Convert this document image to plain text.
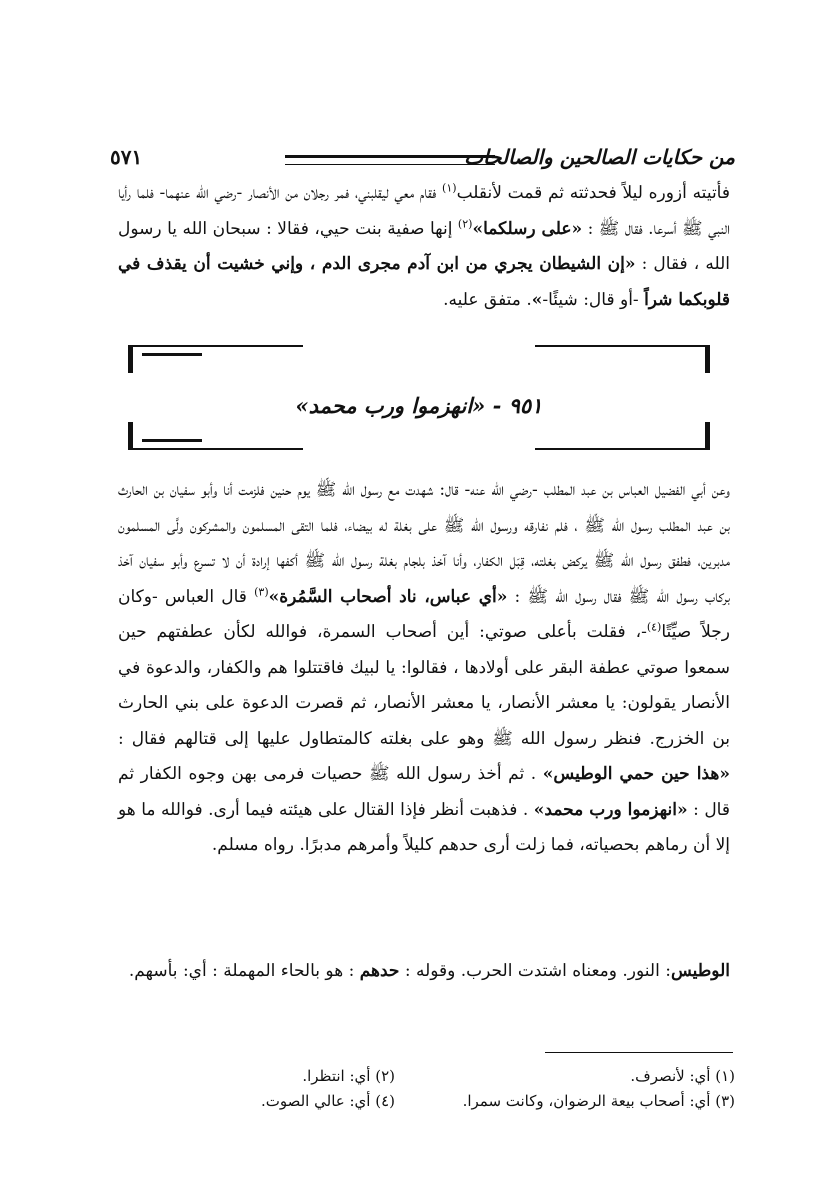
من حكايات الصالحين والصالحات
٥٧١
فأتيته أزوره ليلاً فحدثته ثم قمت لأنقلب$^{(١)}$ فقام معي ليقلبني، فمر رجلان من الأنصار -رضي الله عنهما- فلما رأيا النبي ﷺ أسرعا. فقال ﷺ : «على رسلكما»$^{(٢)}$ إنها صفية بنت حيي، فقالا : سبحان الله يا رسول الله ، فقال : «إن الشيطان يجري من ابن آدم مجرى الدم ، وإني خشيت أن يقذف في قلوبكما شراً -أو قال: شيئًا-». متفق عليه.
٩٥١ - «انهزموا ورب محمد»
وعن أبي الفضيل العباس بن عبد المطلب -رضي الله عنه- قال: شهدت مع رسول الله ﷺ يوم حنين فلزمت أنا وأبو سفيان بن الحارث بن عبد المطلب رسول الله ﷺ ، فلم نفارقه ورسول الله ﷺ على بغلة له بيضاء، فلما التقى المسلمون والمشركون ولَّى المسلمون مدبرين، فطفق رسول الله ﷺ يركض بغلته، قِبَل الكفار، وأنا آخذ بلجام بغلة رسول الله ﷺ أكفها إرادة أن لا تسرع وأبو سفيان آخذ بركاب رسول الله ﷺ فقال رسول الله ﷺ : «أي عباس، ناد أصحاب السَّمُرة»$^{(٣)}$ قال العباس -وكان رجلاً صيِّتًا$^{(٤)}$-، فقلت بأعلى صوتي: أين أصحاب السمرة، فوالله لكأن عطفتهم حين سمعوا صوتي عطفة البقر على أولادها ، فقالوا: يا لبيك فاقتتلوا هم والكفار، والدعوة في الأنصار يقولون: يا معشر الأنصار، يا معشر الأنصار، ثم قصرت الدعوة على بني الحارث بن الخزرج. فنظر رسول الله ﷺ وهو على بغلته كالمتطاول عليها إلى قتالهم فقال : «هذا حين حمي الوطيس» . ثم أخذ رسول الله ﷺ حصيات فرمى بهن وجوه الكفار ثم قال : «انهزموا ورب محمد» . فذهبت أنظر فإذا القتال على هيئته فيما أرى. فوالله ما هو إلا أن رماهم بحصياته، فما زلت أرى حدهم كليلاً وأمرهم مدبرًا. رواه مسلم.
الوطيس: النور. ومعناه اشتدت الحرب. وقوله : حدهم : هو بالحاء المهملة : أي: بأسهم.
(١) أي: لأنصرف.
(٢) أي: انتظرا.
(٣) أي: أصحاب بيعة الرضوان، وكانت سمرا.
(٤) أي: عالي الصوت.
